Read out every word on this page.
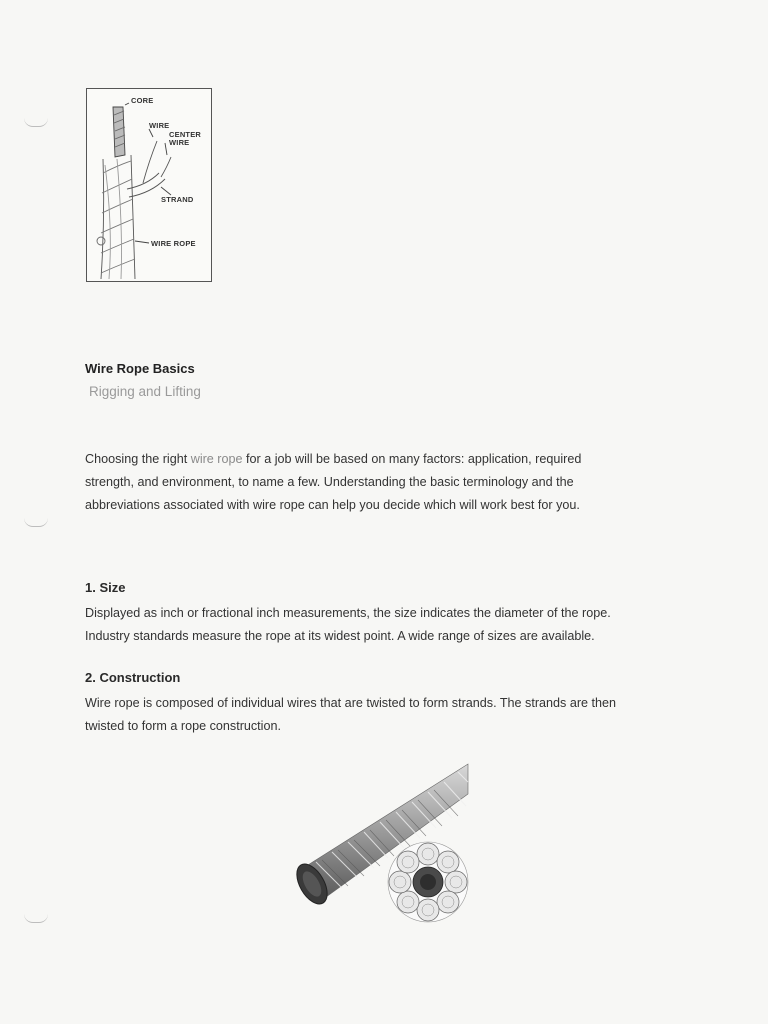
CORE
WIRE
CENTER
WIRE
STRAND
WIRE ROPE
Wire Rope Basics
Rigging and Lifting
Choosing the right wire rope for a job will be based on many factors: application, required
strength, and environment, to name a few. Understanding the basic terminology and the
abbreviations associated with wire rope can help you decide which will work best for you.
1. Size
Displayed as inch or fractional inch measurements, the size indicates the diameter of the rope.
Industry standards measure the rope at its widest point. A wide range of sizes are available.
2. Construction
Wire rope is composed of individual wires that are twisted to form strands. The strands are then
twisted to form a rope construction.
